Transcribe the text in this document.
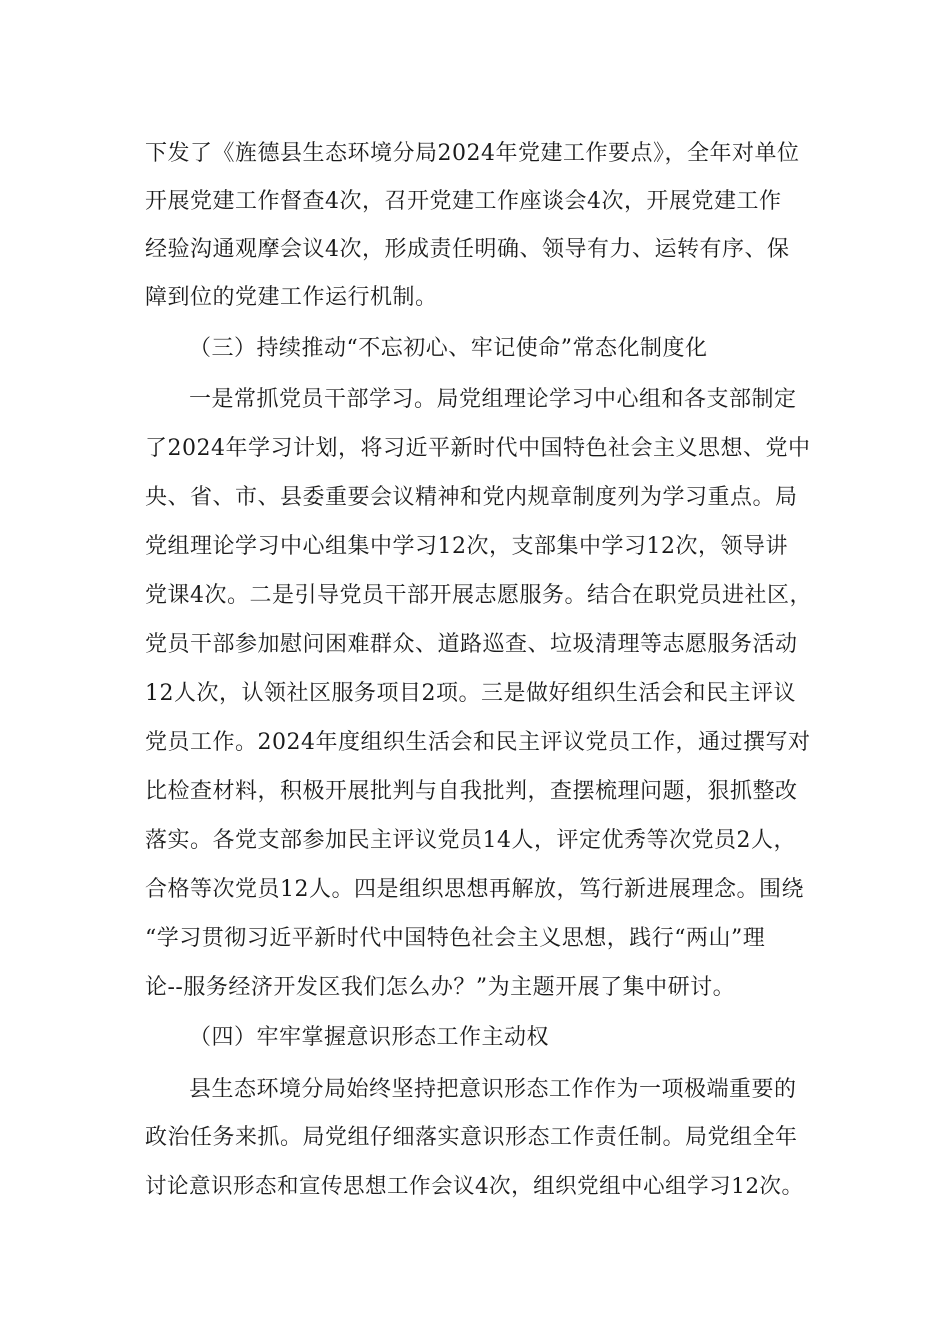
下发了《旌德县生态环境分局2024年党建工作要点》，全年对单位
开展党建工作督查4次，召开党建工作座谈会4次，开展党建工作
经验沟通观摩会议4次，形成责任明确、领导有力、运转有序、保
障到位的党建工作运行机制。
（三）持续推动“不忘初心、牢记使命”常态化制度化
一是常抓党员干部学习。局党组理论学习中心组和各支部制定
了2024年学习计划，将习近平新时代中国特色社会主义思想、党中
央、省、市、县委重要会议精神和党内规章制度列为学习重点。局
党组理论学习中心组集中学习12次，支部集中学习12次，领导讲
党课4次。二是引导党员干部开展志愿服务。结合在职党员进社区，
党员干部参加慰问困难群众、道路巡查、垃圾清理等志愿服务活动
12人次，认领社区服务项目2项。三是做好组织生活会和民主评议
党员工作。2024年度组织生活会和民主评议党员工作，通过撰写对
比检查材料，积极开展批判与自我批判，查摆梳理问题，狠抓整改
落实。各党支部参加民主评议党员14人，评定优秀等次党员2人，
合格等次党员12人。四是组织思想再解放，笃行新进展理念。围绕
“学习贯彻习近平新时代中国特色社会主义思想，践行“两山”理
论--服务经济开发区我们怎么办？”为主题开展了集中研讨。
（四）牢牢掌握意识形态工作主动权
县生态环境分局始终坚持把意识形态工作作为一项极端重要的
政治任务来抓。局党组仔细落实意识形态工作责任制。局党组全年
讨论意识形态和宣传思想工作会议4次，组织党组中心组学习12次。
